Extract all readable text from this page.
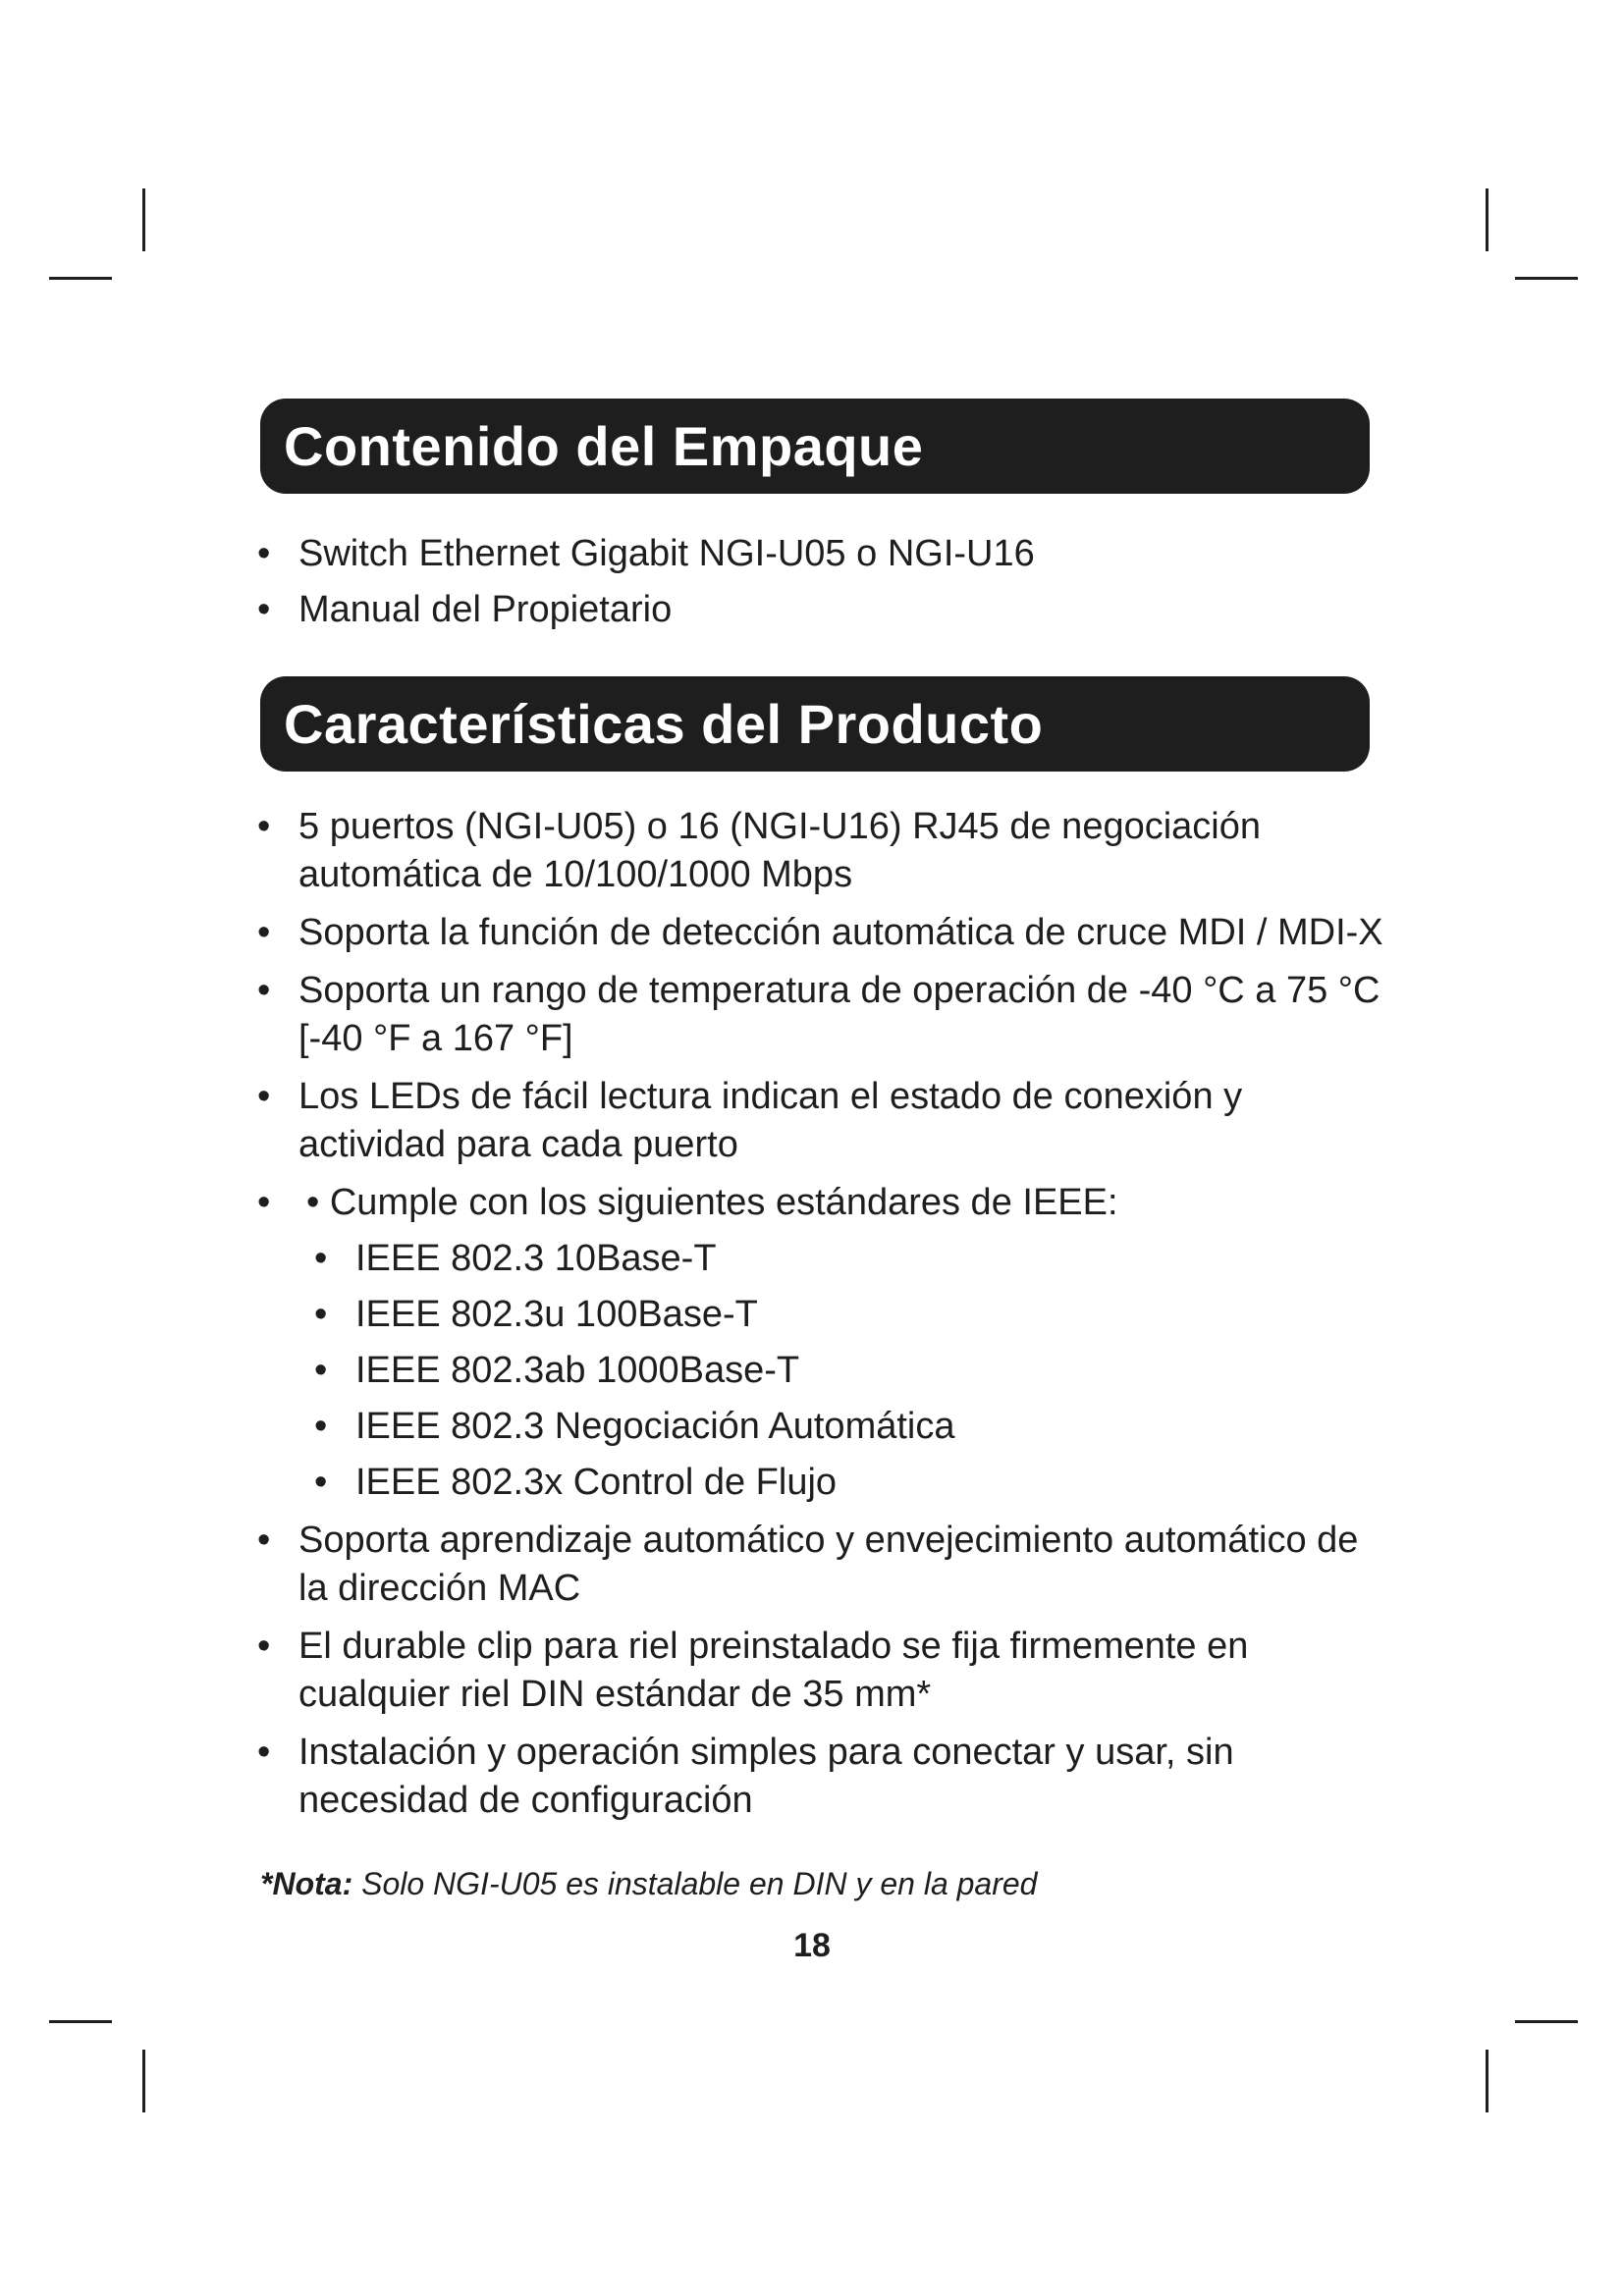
Contenido del Empaque
• Switch Ethernet Gigabit NGI-U05 o NGI-U16
• Manual del Propietario
Características del Producto
• 5 puertos (NGI-U05) o 16 (NGI-U16) RJ45 de negociación automática de 10/100/1000 Mbps
• Soporta la función de detección automática de cruce MDI / MDI-X
• Soporta un rango de temperatura de operación de -40 °C a 75 °C [-40 °F a 167 °F]
• Los LEDs de fácil lectura indican el estado de conexión y actividad para cada puerto
• • Cumple con los siguientes estándares de IEEE:
• IEEE 802.3 10Base-T
• IEEE 802.3u 100Base-T
• IEEE 802.3ab 1000Base-T
• IEEE 802.3 Negociación Automática
• IEEE 802.3x Control de Flujo
• Soporta aprendizaje automático y envejecimiento automático de la dirección MAC
• El durable clip para riel preinstalado se fija firmemente en cualquier riel DIN estándar de 35 mm*
• Instalación y operación simples para conectar y usar, sin necesidad de configuración
*Nota: Solo NGI-U05 es instalable en DIN y en la pared
18
